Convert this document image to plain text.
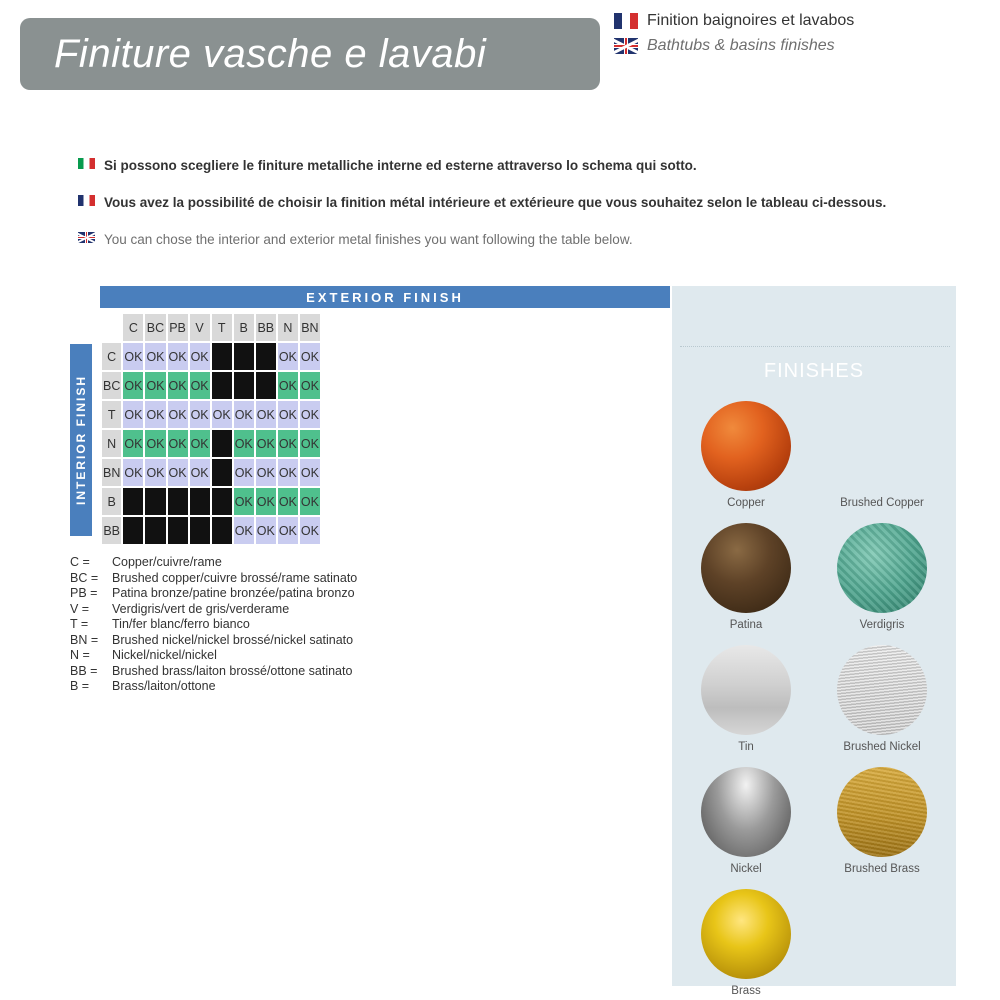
Finiture vasche e lavabi
Finition baignoires et lavabos
Bathtubs & basins finishes
Si possono scegliere le finiture metalliche interne ed esterne attraverso lo schema qui sotto.
Vous avez la possibilité de choisir la finition métal intérieure et extérieure que vous souhaitez selon le tableau ci-dessous.
You can chose the interior and exterior metal finishes you want following the table below.
EXTERIOR FINISH
INTERIOR FINISH
	C	BC	PB	V	T	B	BB	N	BN
C	OK	OK	OK	OK				OK	OK
BC	OK	OK	OK	OK				OK	OK
T	OK	OK	OK	OK	OK	OK	OK	OK	OK
N	OK	OK	OK	OK		OK	OK	OK	OK
BN	OK	OK	OK	OK		OK	OK	OK	OK
B						OK	OK	OK	OK
BB						OK	OK	OK	OK
C =	Copper/cuivre/rame
BC =	Brushed copper/cuivre brossé/rame satinato
PB =	Patina bronze/patine bronzée/patina bronzo
V =	Verdigris/vert de gris/verderame
T =	Tin/fer blanc/ferro bianco
BN =	Brushed nickel/nickel brossé/nickel satinato
N =	Nickel/nickel/nickel
BB =	Brushed brass/laiton brossé/ottone satinato
B =	Brass/laiton/ottone
FINISHES
Copper	Brushed Copper
Patina	Verdigris
Tin	Brushed Nickel
Nickel	Brushed Brass
Brass
